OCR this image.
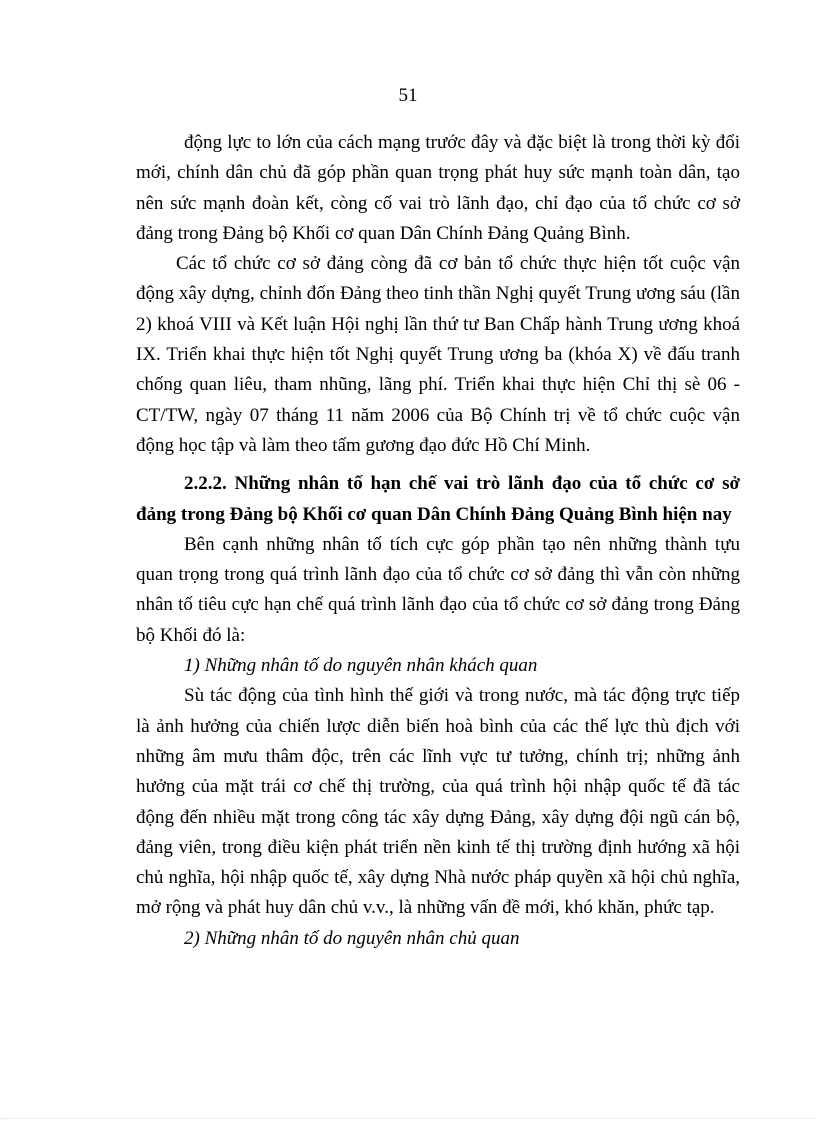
51

động lực to lớn của cách mạng trước đây và đặc biệt là trong thời kỳ đổi mới, chính dân chủ đã góp phần quan trọng phát huy sức mạnh toàn dân, tạo nên sức mạnh đoàn kết, còng cố vai trò lãnh đạo, chỉ đạo của tổ chức cơ sở đảng trong Đảng bộ Khối cơ quan Dân Chính Đảng Quảng Bình.

Các tổ chức cơ sở đảng còng đã cơ bản tổ chức thực hiện tốt cuộc vận động xây dựng, chỉnh đốn Đảng theo tinh thần Nghị quyết Trung ương sáu (lần 2) khoá VIII và Kết luận Hội nghị lần thứ tư Ban Chấp hành Trung ương khoá IX. Triển khai thực hiện tốt Nghị quyết Trung ương ba (khóa X) về đấu tranh chống quan liêu, tham nhũng, lãng phí. Triển khai thực hiện Chỉ thị sè 06 - CT/TW, ngày 07 tháng 11 năm 2006 của Bộ Chính trị về tổ chức cuộc vận động học tập và làm theo tấm gương đạo đức Hồ Chí Minh.

2.2.2. Những nhân tố hạn chế vai trò lãnh đạo của tổ chức cơ sở đảng trong Đảng bộ Khối cơ quan Dân Chính Đảng Quảng Bình hiện nay

Bên cạnh những nhân tố tích cực góp phần tạo nên những thành tựu quan trọng trong quá trình lãnh đạo của tổ chức cơ sở đảng thì vẫn còn những nhân tố tiêu cực hạn chế quá trình lãnh đạo của tổ chức cơ sở đảng trong Đảng bộ Khối đó là:

1) Những nhân tố do nguyên nhân khách quan

Sù tác động của tình hình thế giới và trong nước, mà tác động trực tiếp là ảnh hưởng của chiến lược diễn biến hoà bình của các thế lực thù địch với những âm mưu thâm độc, trên các lĩnh vực tư tưởng, chính trị; những ảnh hưởng của mặt trái cơ chế thị trường, của quá trình hội nhập quốc tế đã tác động đến nhiều mặt trong công tác xây dựng Đảng, xây dựng đội ngũ cán bộ, đảng viên, trong điều kiện phát triển nền kinh tế thị trường định hướng xã hội chủ nghĩa, hội nhập quốc tế, xây dựng Nhà nước pháp quyền xã hội chủ nghĩa, mở rộng và phát huy dân chủ v.v., là những vấn đề mới, khó khăn, phức tạp.

2) Những nhân tố do nguyên nhân chủ quan
